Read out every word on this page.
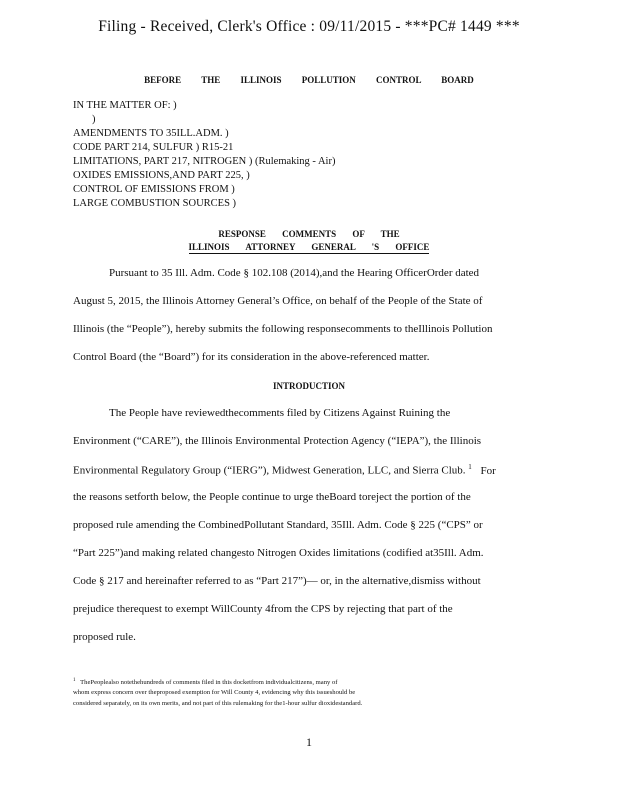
Filing - Received, Clerk's Office : 09/11/2015 - ***PC# 1449 ***
BEFORE THE ILLINOIS POLLUTION CONTROL BOARD
IN THE MATTER OF: )
)
AMENDMENTS TO 35ILL.ADM. )
CODE PART 214, SULFUR ) R15-21
LIMITATIONS, PART 217, NITROGEN ) (Rulemaking - Air)
OXIDES EMISSIONS,AND PART 225, )
CONTROL OF EMISSIONS FROM )
LARGE COMBUSTION SOURCES )
RESPONSE COMMENTS OF THE
ILLINOIS ATTORNEY GENERAL 'S OFFICE
Pursuant to 35 Ill. Adm. Code § 102.108 (2014),and the Hearing OfficerOrder dated
August 5, 2015, the Illinois Attorney General’s Office, on behalf of the People of the State of
Illinois (the “People”), hereby submits the following responsecomments to theIllinois Pollution
Control Board (the “Board”) for its consideration in the above-referenced matter.
INTRODUCTION
The People have reviewedthecomments filed by Citizens Against Ruining the
Environment (“CARE”), the Illinois Environmental Protection Agency (“IEPA”), the Illinois
Environmental Regulatory Group (“IERG”), Midwest Generation, LLC, and Sierra Club. $^1$ For
the reasons setforth below, the People continue to urge theBoard toreject the portion of the
proposed rule amending the CombinedPollutant Standard, 35Ill. Adm. Code § 225 (“CPS” or
“Part 225”)and making related changesto Nitrogen Oxides limitations (codified at35Ill. Adm.
Code § 217 and hereinafter referred to as “Part 217”)— or, in the alternative,dismiss without
prejudice therequest to exempt WillCounty 4from the CPS by rejecting that part of the
proposed rule.
$^1$ ThePeoplealso notethehundreds of comments filed in this docketfrom individualcitizens, many of
whom express concern over theproposed exemption for Will County 4, evidencing why this issueshould be
considered separately, on its own merits, and not part of this rulemaking for the1-hour sulfur dioxidestandard.
1
